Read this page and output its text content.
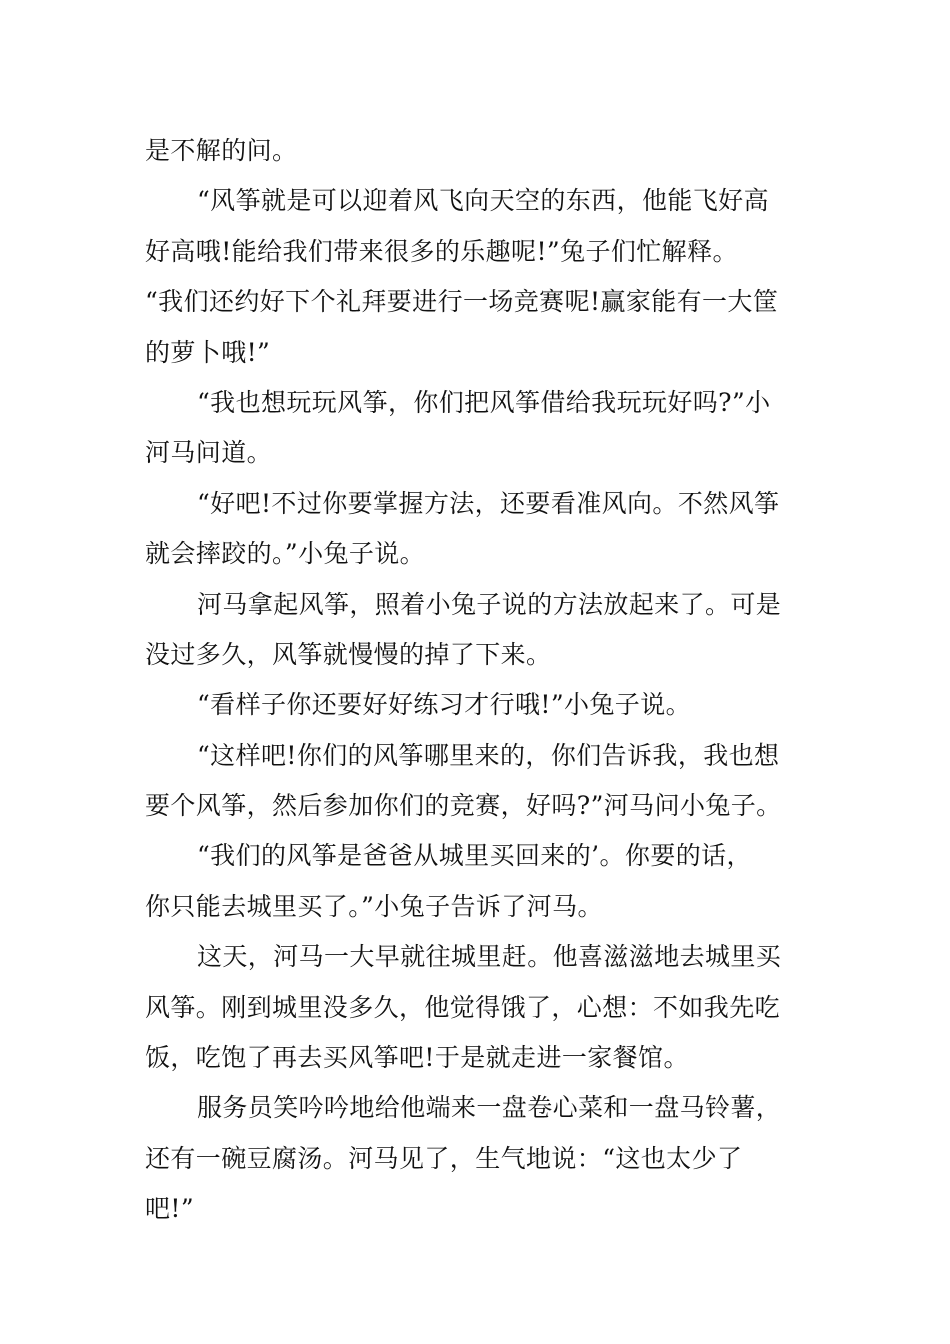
是不解的问。
“风筝就是可以迎着风飞向天空的东西，他能飞好高
好高哦!能给我们带来很多的乐趣呢!”兔子们忙解释。
“我们还约好下个礼拜要进行一场竞赛呢!赢家能有一大筐
的萝卜哦!”
“我也想玩玩风筝，你们把风筝借给我玩玩好吗?”小
河马问道。
“好吧!不过你要掌握方法，还要看准风向。不然风筝
就会摔跤的。”小兔子说。
河马拿起风筝，照着小兔子说的方法放起来了。可是
没过多久，风筝就慢慢的掉了下来。
“看样子你还要好好练习才行哦!”小兔子说。
“这样吧!你们的风筝哪里来的，你们告诉我，我也想
要个风筝，然后参加你们的竞赛，好吗?”河马问小兔子。
“我们的风筝是爸爸从城里买回来的’。你要的话，
你只能去城里买了。”小兔子告诉了河马。
这天，河马一大早就往城里赶。他喜滋滋地去城里买
风筝。刚到城里没多久，他觉得饿了，心想：不如我先吃
饭，吃饱了再去买风筝吧!于是就走进一家餐馆。
服务员笑吟吟地给他端来一盘卷心菜和一盘马铃薯，
还有一碗豆腐汤。河马见了，生气地说：“这也太少了
吧!”
